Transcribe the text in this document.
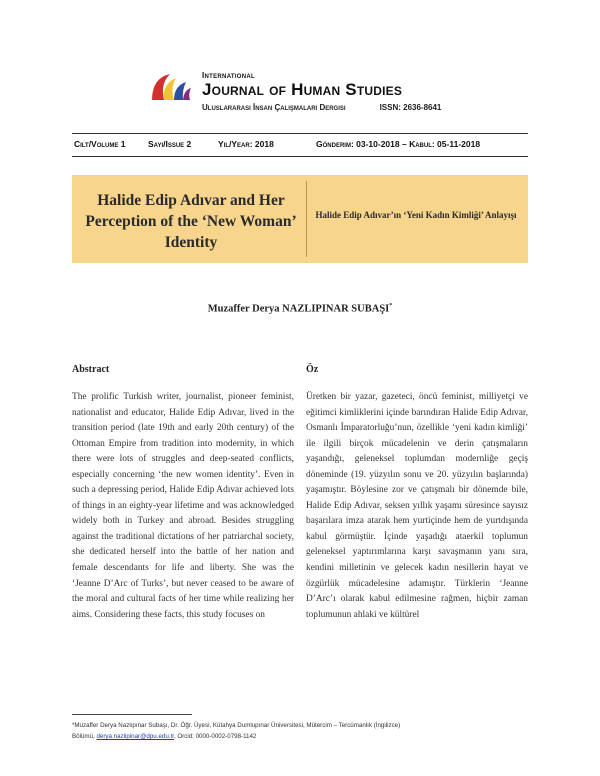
International
Journal of Human Studies
Uluslararası İnsan Çalışmaları Dergisi	ISSN: 2636-8641
Cilt/Volume 1	Sayı/Issue 2	Yıl/Year: 2018	Gönderim: 03-10-2018 – Kabul: 05-11-2018
Halide Edip Adıvar and Her Perception of the ‘New Woman’ Identity
Halide Edip Adıvar’ın ‘Yeni Kadın Kimliği’ Anlayışı
Muzaffer Derya NAZLIPINAR SUBAŞI*
Abstract	Öz

The prolific Turkish writer, journalist, pioneer feminist, nationalist and educator, Halide Edip Adıvar, lived in the transition period (late 19th and early 20th century) of the Ottoman Empire from tradition into modernity, in which there were lots of struggles and deep-seated conflicts, especially concerning ‘the new women identity’. Even in such a depressing period, Halide Edip Adıvar achieved lots of things in an eighty-year lifetime and was acknowledged widely both in Turkey and abroad. Besides struggling against the traditional dictations of her patriarchal society, she dedicated herself into the battle of her nation and female descendants for life and liberty. She was the ‘Jeanne D’Arc of Turks’, but never ceased to be aware of the moral and cultural facts of her time while realizing her aims. Considering these facts, this study focuses on

Üretken bir yazar, gazeteci, öncü feminist, milliyetçi ve eğitimci kimliklerini içinde barındıran Halide Edip Adıvar, Osmanlı İmparatorluğu’nun, özellikle ‘yeni kadın kimliği’ ile ilgili birçok mücadelenin ve derin çatışmaların yaşandığı, geleneksel toplumdan modernliğe geçiş döneminde (19. yüzyılın sonu ve 20. yüzyılın başlarında) yaşamıştır. Böylesine zor ve çatışmalı bir dönemde bile, Halide Edip Adıvar, seksen yıllık yaşamı süresince sayısız başarılara imza atarak hem yurtiçinde hem de yurtdışında kabul görmüştür. İçinde yaşadığı ataerkil toplumun geleneksel yaptırımlarına karşı savaşmanın yanı sıra, kendini milletinin ve gelecek kadın nesillerin hayat ve özgürlük mücadelesine adamıştır. Türklerin ‘Jeanne D’Arc’ı olarak kabul edilmesine rağmen, hiçbir zaman toplumunun ahlaki ve kültürel

*Muzaffer Derya Nazlıpınar Subaşı, Dr. Öğr. Üyesi, Kütahya Dumlupınar Üniversitesi, Mütercim – Tercümanlık (İngilizce)
Bölümü, derya.nazlipinar@dpu.edu.tr, Orcid: 0000-0002-0798-1142
